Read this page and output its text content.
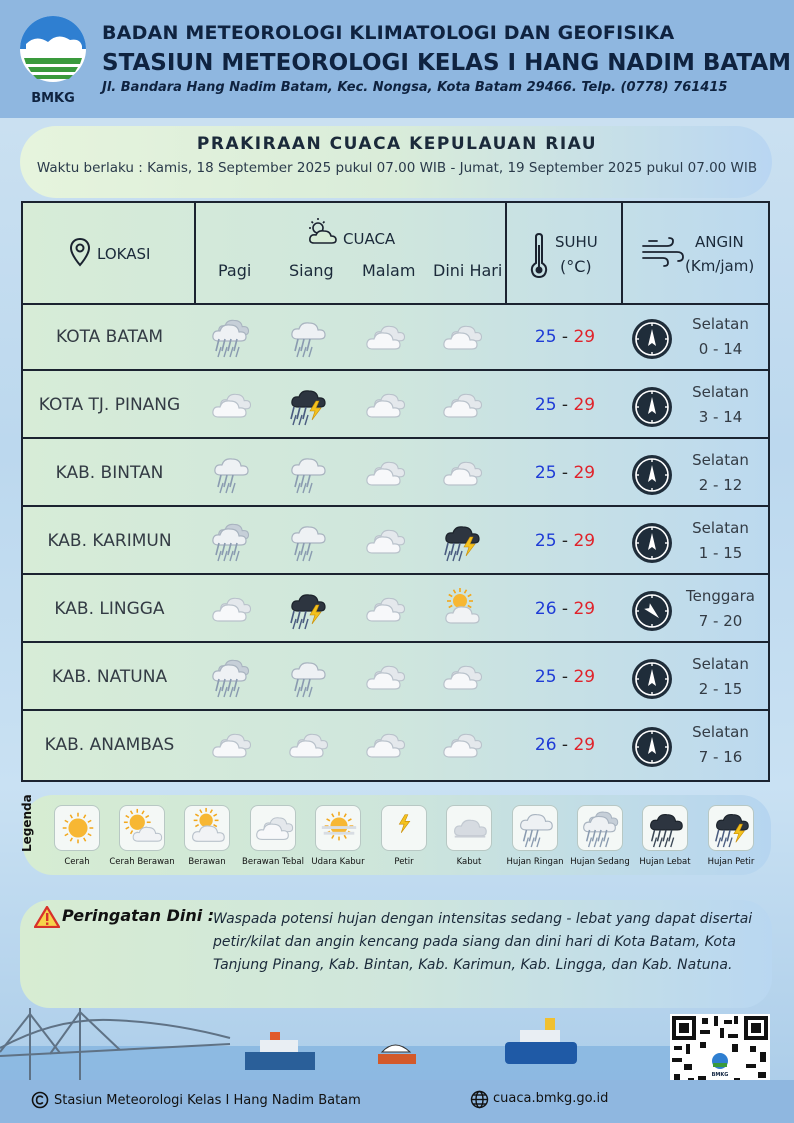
BMKG
BADAN METEOROLOGI KLIMATOLOGI DAN GEOFISIKA
STASIUN METEOROLOGI KELAS I HANG NADIM BATAM
Jl. Bandara Hang Nadim Batam, Kec. Nongsa, Kota Batam 29466. Telp. (0778) 761415
PRAKIRAAN CUACA KEPULAUAN RIAU
Waktu berlaku : Kamis, 18 September 2025 pukul 07.00 WIB - Jumat, 19 September 2025 pukul 07.00 WIB
LOKASI
CUACA
Pagi Siang Malam Dini Hari
SUHU
(°C)
ANGIN
(Km/jam)
KOTA BATAM	25 - 29
Selatan
0 - 14
KOTA TJ. PINANG	25 - 29
Selatan
3 - 14
KAB. BINTAN	25 - 29
Selatan
2 - 12
KAB. KARIMUN	25 - 29
Selatan
1 - 15
KAB. LINGGA	26 - 29
Tenggara
7 - 20
KAB. NATUNA	25 - 29
Selatan
2 - 15
KAB. ANAMBAS	26 - 29
Selatan
7 - 16
Legenda
Cerah	Cerah Berawan	Berawan	Berawan Tebal Udara Kabur	Petir	Kabut	Hujan Ringan Hujan Sedang	Hujan Lebat	Hujan Petir
Peringatan Dini :
Waspada potensi hujan dengan intensitas sedang - lebat yang dapat disertai
petir/kilat dan angin kencang pada siang dan dini hari di Kota Batam, Kota
Tanjung Pinang, Kab. Bintan, Kab. Karimun, Kab. Lingga, dan Kab. Natuna.
BMKG
Stasiun Meteorologi Kelas I Hang Nadim Batam	cuaca.bmkg.go.id
